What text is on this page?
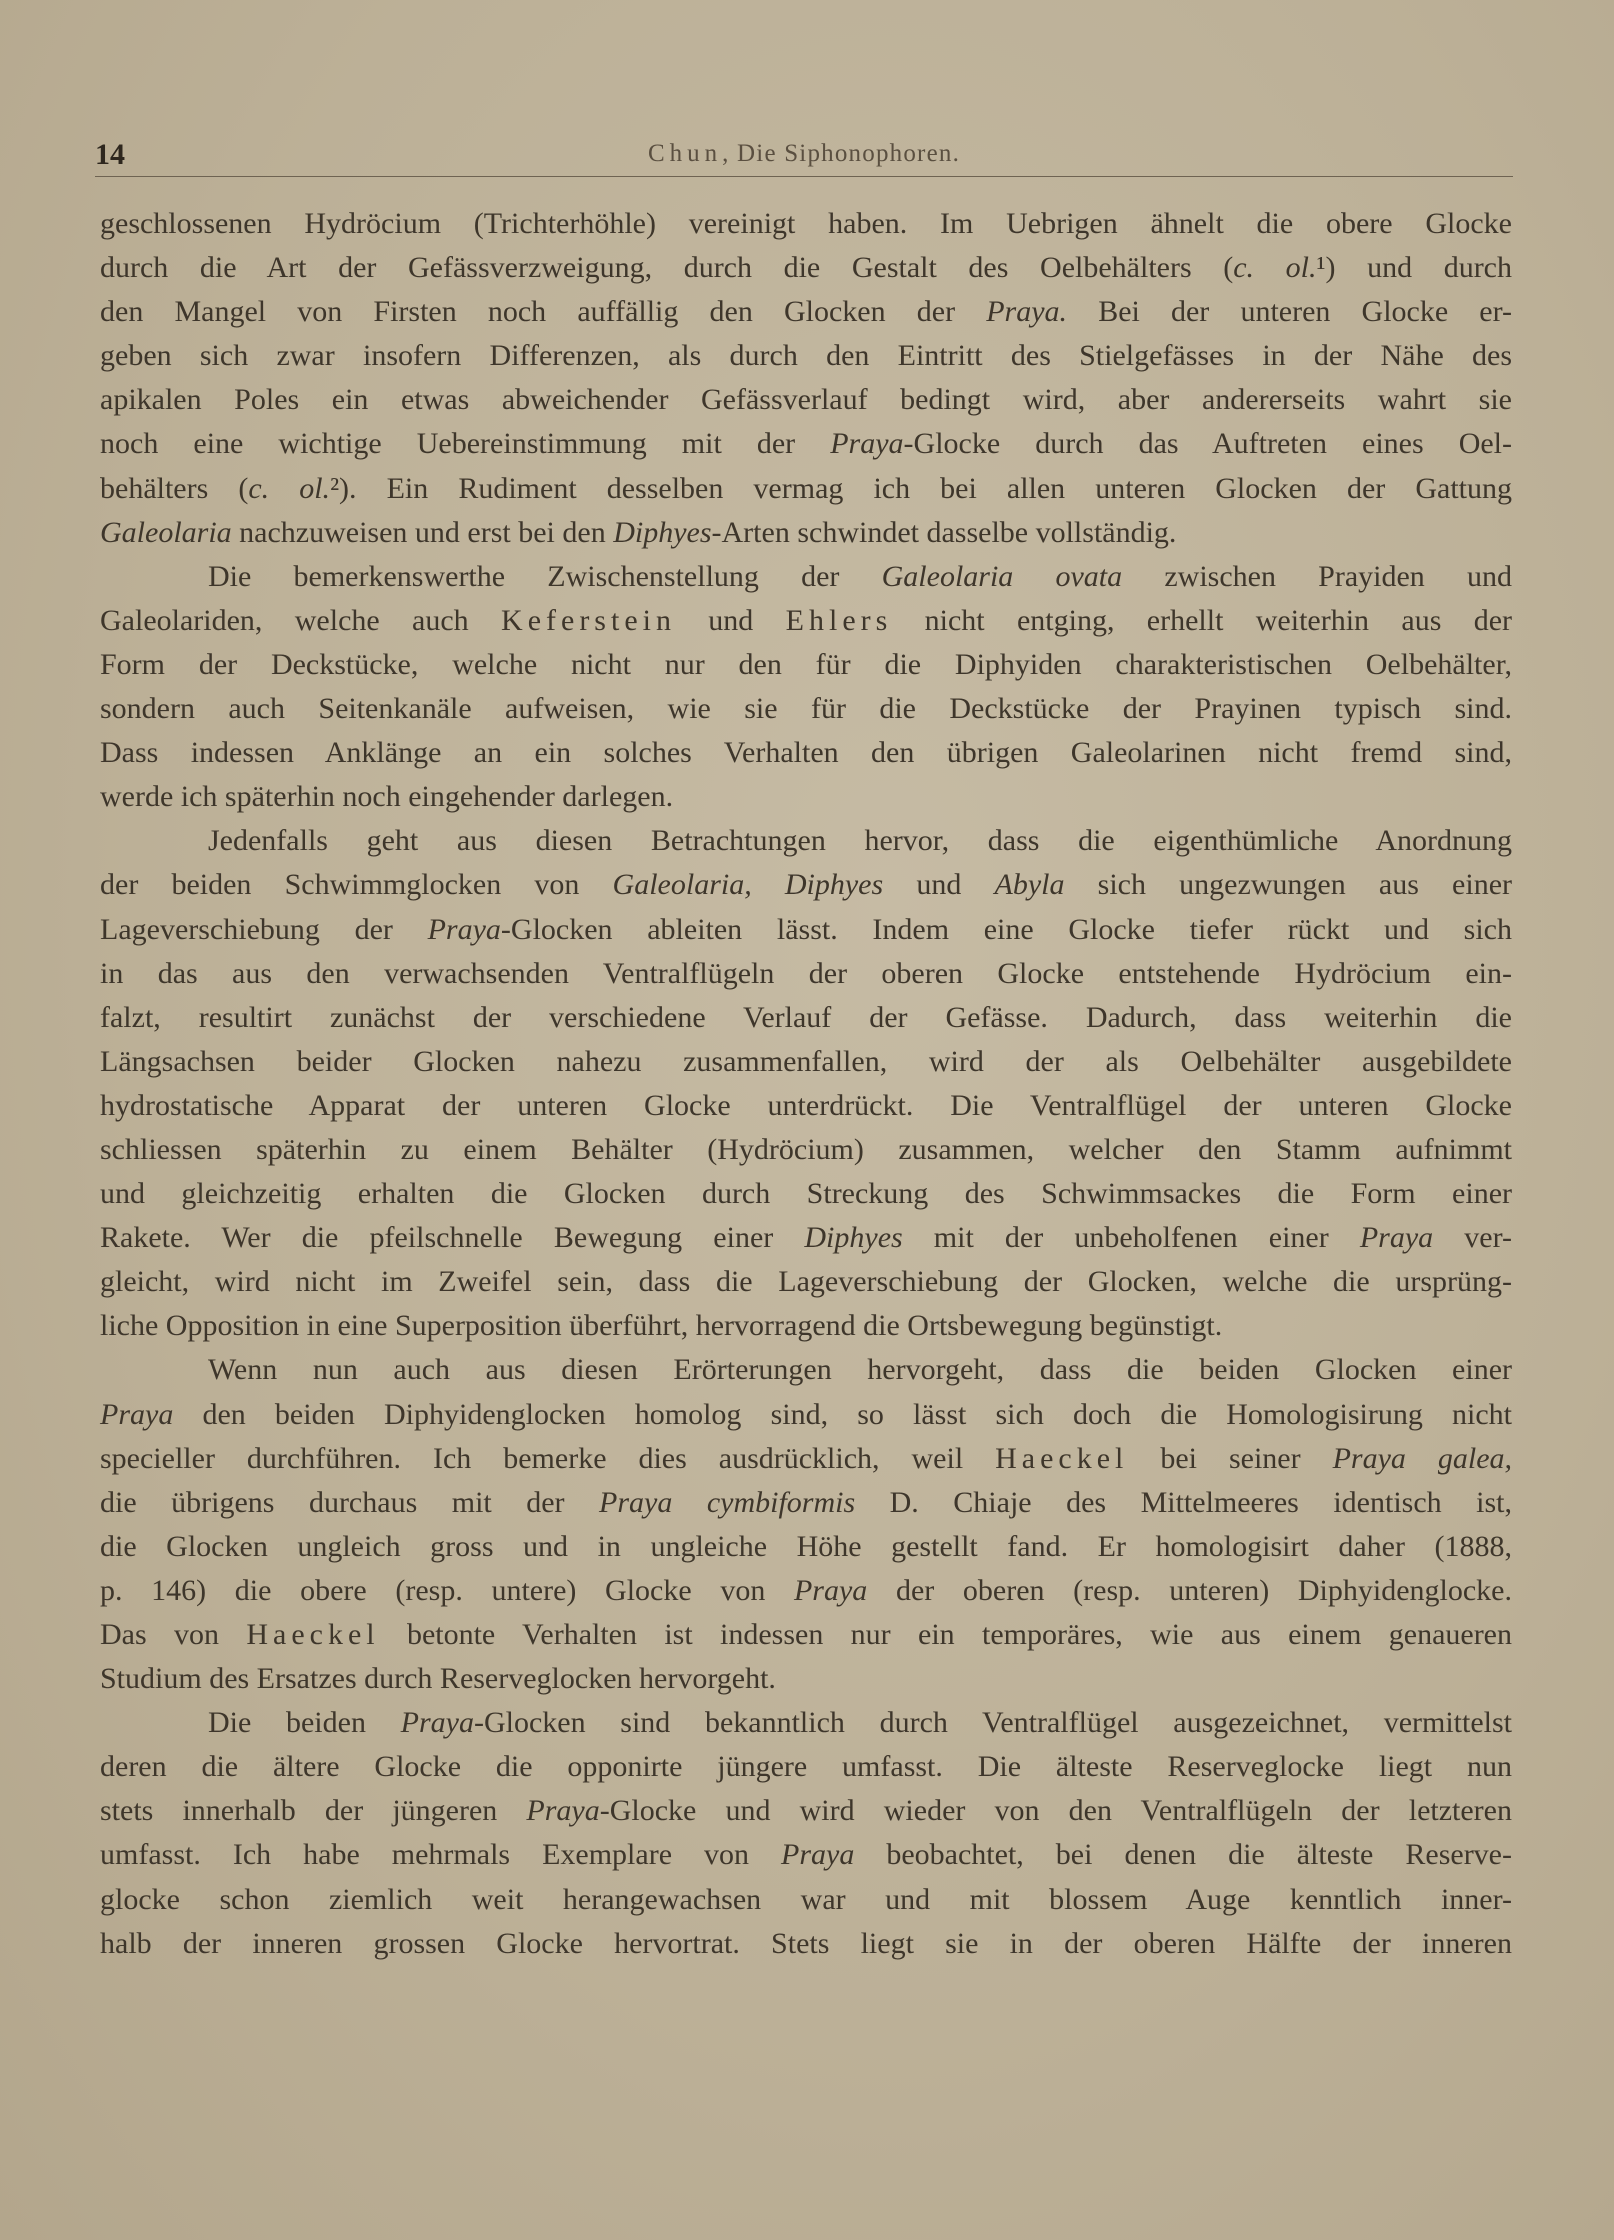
14	Chun, Die Siphonophoren.
geschlossenen Hydröcium (Trichterhöhle) vereinigt haben. Im Uebrigen ähnelt die obere Glocke
durch die Art der Gefässverzweigung, durch die Gestalt des Oelbehälters (c. ol.¹) und durch
den Mangel von Firsten noch auffällig den Glocken der Praya. Bei der unteren Glocke er-
geben sich zwar insofern Differenzen, als durch den Eintritt des Stielgefässes in der Nähe des
apikalen Poles ein etwas abweichender Gefässverlauf bedingt wird, aber andererseits wahrt sie
noch eine wichtige Uebereinstimmung mit der Praya-Glocke durch das Auftreten eines Oel-
behälters (c. ol.²). Ein Rudiment desselben vermag ich bei allen unteren Glocken der Gattung
Galeolaria nachzuweisen und erst bei den Diphyes-Arten schwindet dasselbe vollständig.
Die bemerkenswerthe Zwischenstellung der Galeolaria ovata zwischen Prayiden und
Galeolariden, welche auch Keferstein und Ehlers nicht entging, erhellt weiterhin aus der
Form der Deckstücke, welche nicht nur den für die Diphyiden charakteristischen Oelbehälter,
sondern auch Seitenkanäle aufweisen, wie sie für die Deckstücke der Prayinen typisch sind.
Dass indessen Anklänge an ein solches Verhalten den übrigen Galeolarinen nicht fremd sind,
werde ich späterhin noch eingehender darlegen.
Jedenfalls geht aus diesen Betrachtungen hervor, dass die eigenthümliche Anordnung
der beiden Schwimmglocken von Galeolaria, Diphyes und Abyla sich ungezwungen aus einer
Lageverschiebung der Praya-Glocken ableiten lässt. Indem eine Glocke tiefer rückt und sich
in das aus den verwachsenden Ventralflügeln der oberen Glocke entstehende Hydröcium ein-
falzt, resultirt zunächst der verschiedene Verlauf der Gefässe. Dadurch, dass weiterhin die
Längsachsen beider Glocken nahezu zusammenfallen, wird der als Oelbehälter ausgebildete
hydrostatische Apparat der unteren Glocke unterdrückt. Die Ventralflügel der unteren Glocke
schliessen späterhin zu einem Behälter (Hydröcium) zusammen, welcher den Stamm aufnimmt
und gleichzeitig erhalten die Glocken durch Streckung des Schwimmsackes die Form einer
Rakete. Wer die pfeilschnelle Bewegung einer Diphyes mit der unbeholfenen einer Praya ver-
gleicht, wird nicht im Zweifel sein, dass die Lageverschiebung der Glocken, welche die ursprüng-
liche Opposition in eine Superposition überführt, hervorragend die Ortsbewegung begünstigt.
Wenn nun auch aus diesen Erörterungen hervorgeht, dass die beiden Glocken einer
Praya den beiden Diphyidenglocken homolog sind, so lässt sich doch die Homologisirung nicht
specieller durchführen. Ich bemerke dies ausdrücklich, weil Haeckel bei seiner Praya galea,
die übrigens durchaus mit der Praya cymbiformis D. Chiaje des Mittelmeeres identisch ist,
die Glocken ungleich gross und in ungleiche Höhe gestellt fand. Er homologisirt daher (1888,
p. 146) die obere (resp. untere) Glocke von Praya der oberen (resp. unteren) Diphyidenglocke.
Das von Haeckel betonte Verhalten ist indessen nur ein temporäres, wie aus einem genaueren
Studium des Ersatzes durch Reserveglocken hervorgeht.
Die beiden Praya-Glocken sind bekanntlich durch Ventralflügel ausgezeichnet, vermittelst
deren die ältere Glocke die opponirte jüngere umfasst. Die älteste Reserveglocke liegt nun
stets innerhalb der jüngeren Praya-Glocke und wird wieder von den Ventralflügeln der letzteren
umfasst. Ich habe mehrmals Exemplare von Praya beobachtet, bei denen die älteste Reserve-
glocke schon ziemlich weit herangewachsen war und mit blossem Auge kenntlich inner-
halb der inneren grossen Glocke hervortrat. Stets liegt sie in der oberen Hälfte der inneren
